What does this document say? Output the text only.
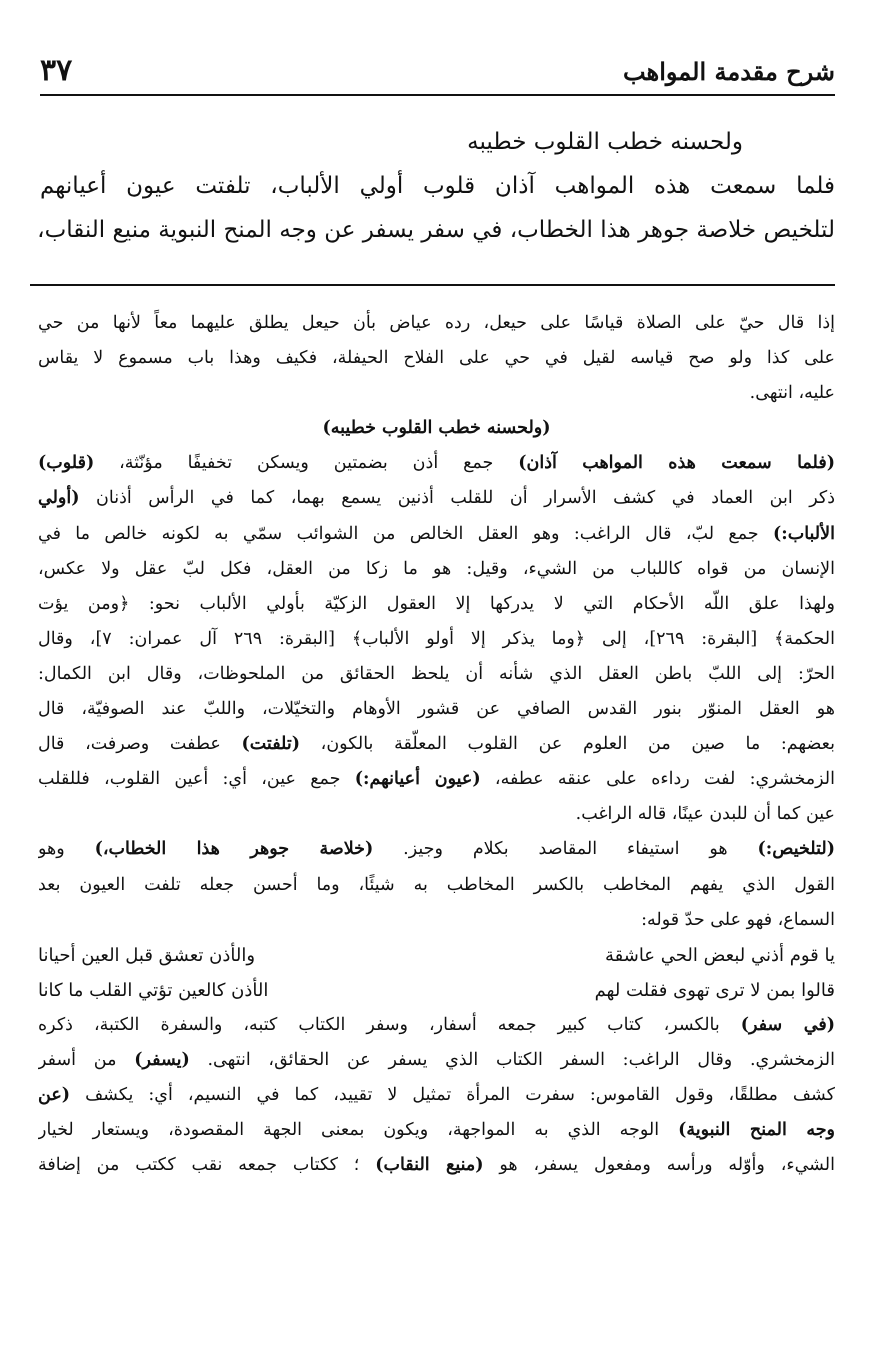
٣٧	شرح مقدمة المواهب
ولحسنه خطب القلوب خطيبه
فلما سمعت هذه المواهب آذان قلوب أولي الألباب، تلفتت عيون أعيانهم
لتلخيص خلاصة جوهر هذا الخطاب، في سفر يسفر عن وجه المنح النبوية منيع النقاب،
إذا قال حيّ على الصلاة قياسًا على حيعل، رده عياض بأن حيعل يطلق عليهما معاً لأنها من حي
على كذا ولو صح قياسه لقيل في حي على الفلاح الحيفلة، فكيف وهذا باب مسموع لا يقاس
عليه، انتهى.
(ولحسنه خطب القلوب خطيبه)
(فلما سمعت هذه المواهب آذان) جمع أذن بضمتين ويسكن تخفيفًا مؤنّثة، (قلوب)
ذكر ابن العماد في كشف الأسرار أن للقلب أذنين يسمع بهما، كما في الرأس أذنان (أولي
الألباب:) جمع لبّ، قال الراغب: وهو العقل الخالص من الشوائب سمّي به لكونه خالص ما في
الإنسان من قواه كاللباب من الشيء، وقيل: هو ما زكا من العقل، فكل لبّ عقل ولا عكس،
ولهذا علق اللّه الأحكام التي لا يدركها إلا العقول الزكيّة بأولي الألباب نحو: ﴿ومن يؤت
الحكمة﴾ [البقرة: ٢٦٩]، إلى ﴿وما يذكر إلا أولو الألباب﴾ [البقرة: ٢٦٩ آل عمران: ٧]، وقال
الحرّ: إلى اللبّ باطن العقل الذي شأنه أن يلحظ الحقائق من الملحوظات، وقال ابن الكمال:
هو العقل المنوّر بنور القدس الصافي عن قشور الأوهام والتخيّلات، واللبّ عند الصوفيّة، قال
بعضهم: ما صين من العلوم عن القلوب المعلّقة بالكون، (تلفتت) عطفت وصرفت، قال
الزمخشري: لفت رداءه على عنقه عطفه، (عيون أعيانهم:) جمع عين، أي: أعين القلوب، فللقلب
عين كما أن للبدن عينًا، قاله الراغب.
(لتلخيص:) هو استيفاء المقاصد بكلام وجيز. (خلاصة جوهر هذا الخطاب،) وهو
القول الذي يفهم المخاطب بالكسر المخاطب به شيئًا، وما أحسن جعله تلفت العيون بعد
السماع، فهو على حدّ قوله:
يا قوم أذني لبعض الحي عاشقة
والأذن تعشق قبل العين أحيانا
قالوا بمن لا ترى تهوى فقلت لهم
الأذن كالعين تؤتي القلب ما كانا
(في سفر) بالكسر، كتاب كبير جمعه أسفار، وسفر الكتاب كتبه، والسفرة الكتبة، ذكره
الزمخشري. وقال الراغب: السفر الكتاب الذي يسفر عن الحقائق، انتهى. (يسفر) من أسفر
كشف مطلقًا، وقول القاموس: سفرت المرأة تمثيل لا تقييد، كما في النسيم، أي: يكشف (عن
وجه المنح النبوية) الوجه الذي به المواجهة، ويكون بمعنى الجهة المقصودة، ويستعار لخيار
الشيء، وأوّله ورأسه ومفعول يسفر، هو (منيع النقاب) ؛ ككتاب جمعه نقب ككتب من إضافة
